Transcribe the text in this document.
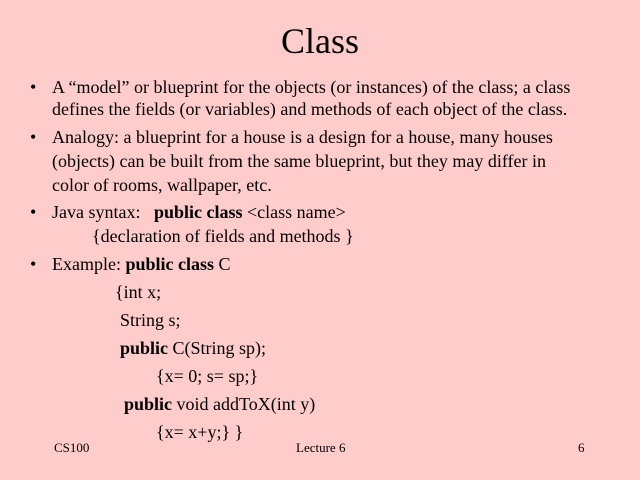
Class
• A “model” or blueprint for the objects (or instances) of the class; a class
defines the fields (or variables) and methods of each object of the class.
• Analogy: a blueprint for a house is a design for a house, many houses
(objects) can be built from the same blueprint, but they may differ in
color of rooms, wallpaper, etc.
• Java syntax: public class <class name>
{declaration of fields and methods }
• Example: public class C
{int x;
String s;
public C(String sp);
{x= 0; s= sp;}
public void addToX(int y)
{x= x+y;} }
CS100	Lecture 6	6
